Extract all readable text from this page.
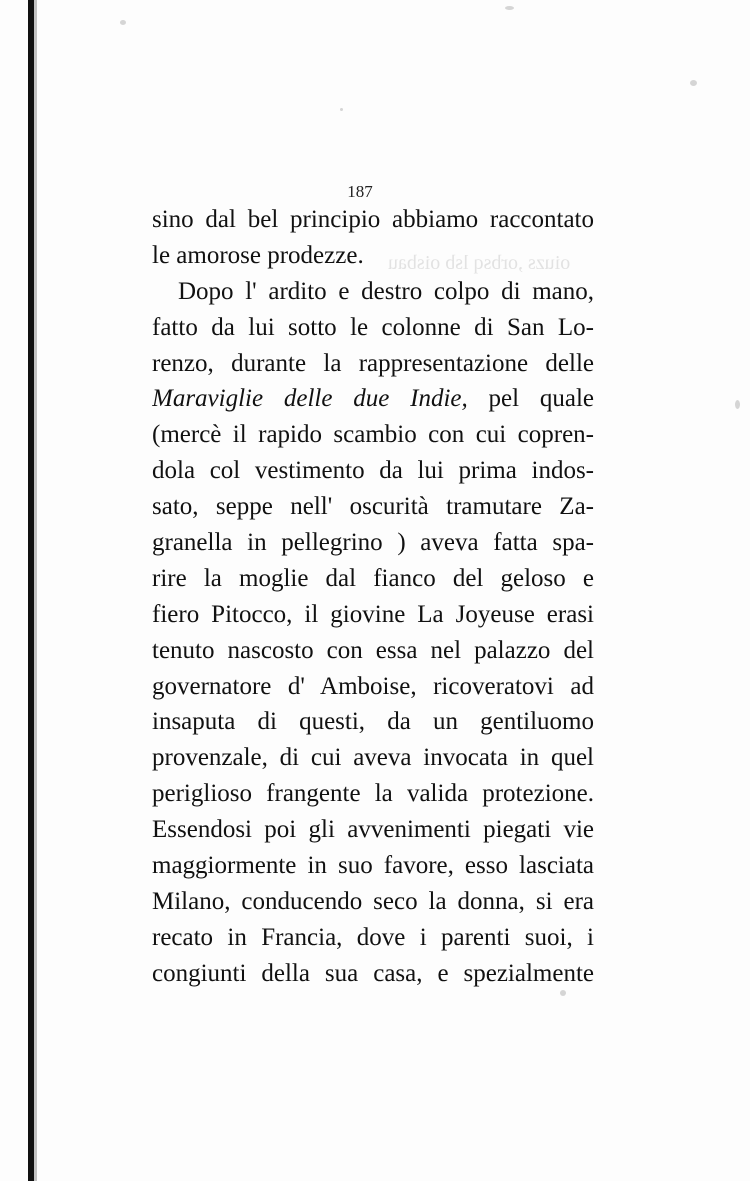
oiuzs ,orbsq lsb oisbau
187
sino dal bel principio abbiamo raccontato
le amorose prodezze.
Dopo l' ardito e destro colpo di mano,
fatto da lui sotto le colonne di San Lo-
renzo, durante la rappresentazione delle
Maraviglie delle due Indie, pel quale
(mercè il rapido scambio con cui copren-
dola col vestimento da lui prima indos-
sato, seppe nell' oscurità tramutare Za-
granella in pellegrino ) aveva fatta spa-
rire la moglie dal fianco del geloso e
fiero Pitocco, il giovine La Joyeuse erasi
tenuto nascosto con essa nel palazzo del
governatore d' Amboise, ricoveratovi ad
insaputa di questi, da un gentiluomo
provenzale, di cui aveva invocata in quel
periglioso frangente la valida protezione.
Essendosi poi gli avvenimenti piegati vie
maggiormente in suo favore, esso lasciata
Milano, conducendo seco la donna, si era
recato in Francia, dove i parenti suoi, i
congiunti della sua casa, e spezialmente
